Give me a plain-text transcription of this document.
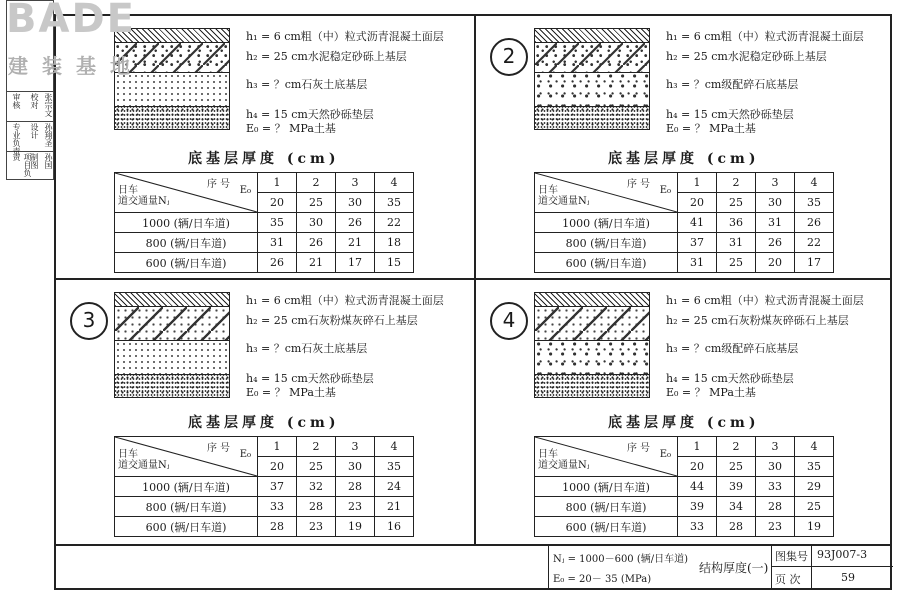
h₁ = 6 cm粗（中）粒式沥青混凝土面层
h₂ = 25 cm水泥稳定砂砾上基层
h₃ = ？cm石灰土底基层
h₄ = 15 cm天然砂砾垫层
E₀ = ？ MPa土基
底基层厚度 (cm)
序号
E₀
日车
道交通量Nⱼ	1	2	3	4
	20	25	30	35
1000 (辆/日车道)	35	30	26	22
800 (辆/日车道)	31	26	21	18
600 (辆/日车道)	26	21	17	15
2
h₁ = 6 cm粗（中）粒式沥青混凝土面层
h₂ = 25 cm水泥稳定砂砾上基层
h₃ = ？cm级配碎石底基层
h₄ = 15 cm天然砂砾垫层
E₀ = ？ MPa土基
底基层厚度 (cm)
序号
E₀
日车
道交通量Nⱼ	1	2	3	4
	20	25	30	35
1000 (辆/日车道)	41	36	31	26
800 (辆/日车道)	37	31	26	22
600 (辆/日车道)	31	25	20	17
3
h₁ = 6 cm粗（中）粒式沥青混凝土面层
h₂ = 25 cm石灰粉煤灰碎石上基层
h₃ = ？cm石灰土底基层
h₄ = 15 cm天然砂砾垫层
E₀ = ？ MPa土基
底基层厚度 (cm)
序号
E₀
日车
道交通量Nⱼ	1	2	3	4
	20	25	30	35
1000 (辆/日车道)	37	32	28	24
800 (辆/日车道)	33	28	23	21
600 (辆/日车道)	28	23	19	16
4
h₁ = 6 cm粗（中）粒式沥青混凝土面层
h₂ = 25 cm石灰粉煤灰碎砾石上基层
h₃ = ？cm级配碎石底基层
h₄ = 15 cm天然砂砾垫层
E₀ = ？ MPa土基
底基层厚度 (cm)
序号
E₀
日车
道交通量Nⱼ	1	2	3	4
	20	25	30	35
1000 (辆/日车道)	44	39	33	29
800 (辆/日车道)	39	34	28	25
600 (辆/日车道)	33	28	23	19
Nⱼ = 1000－600 (辆/日车道)
E₀ = 20－ 35 (MPa)
结构厚度(一)
图集号 93J007-3
页 次	59
审核
专业负责
项目负责
校对
设计
制图
张宗文
孙翔圣
孙国
BADE
建装基地
